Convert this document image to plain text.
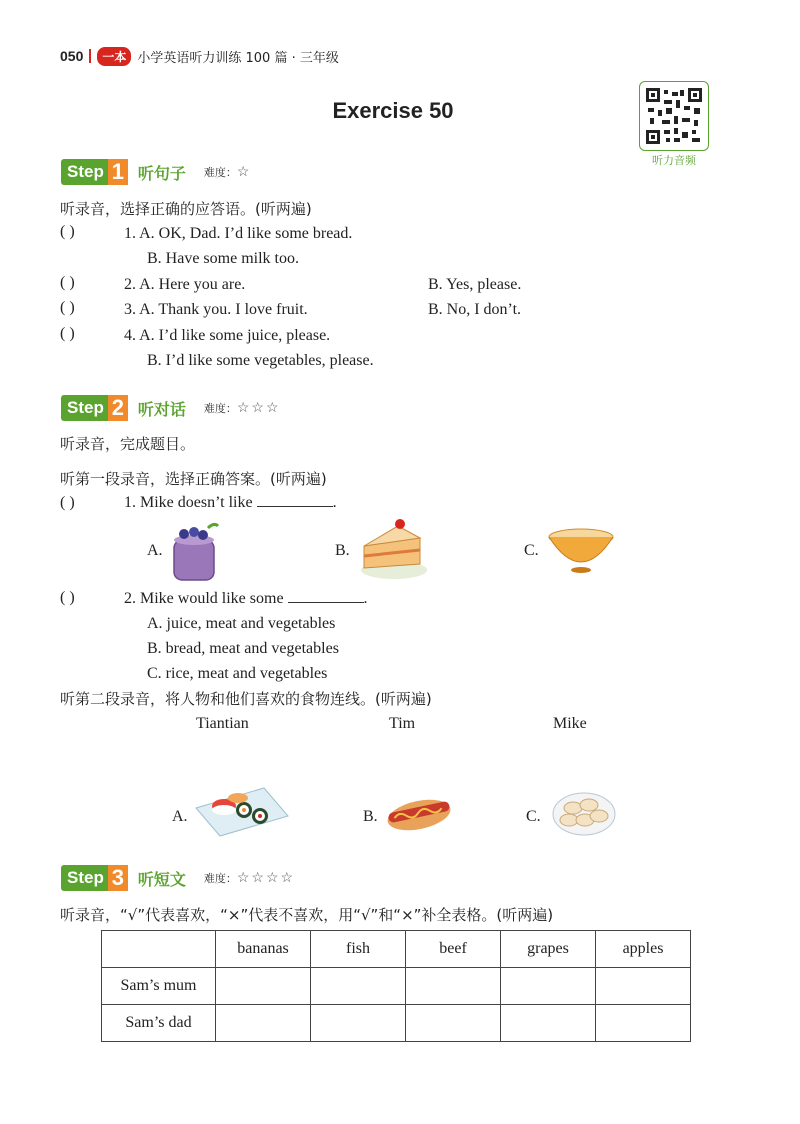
050	一本 小学英语听力训练 100 篇 · 三年级
Exercise 50
听力音频
Step 1 听句子 难度： ☆
听录音，选择正确的应答语。(听两遍)
( )	1. A. OK, Dad. I’d like some bread.
B. Have some milk too.
( )	2. A. Here you are.	B. Yes, please.
( )	3. A. Thank you. I love fruit.	B. No, I don’t.
( )	4. A. I’d like some juice, please.
B. I’d like some vegetables, please.
Step 2 听对话 难度： ☆☆☆
听录音，完成题目。
听第一段录音，选择正确答案。(听两遍)
( )	1. Mike doesn’t like	.
A.	B.	C.
( )	2. Mike would like some	.
A. juice, meat and vegetables
B. bread, meat and vegetables
C. rice, meat and vegetables
听第二段录音，将人物和他们喜欢的食物连线。(听两遍)
Tiantian	Tim	Mike
A.	B.	C.
Step 3 听短文 难度： ☆☆☆☆
听录音，“√”代表喜欢，“×”代表不喜欢，用“√”和“×”补全表格。(听两遍)
	bananas	fish	beef	grapes	apples
Sam’s mum					
Sam’s dad					
